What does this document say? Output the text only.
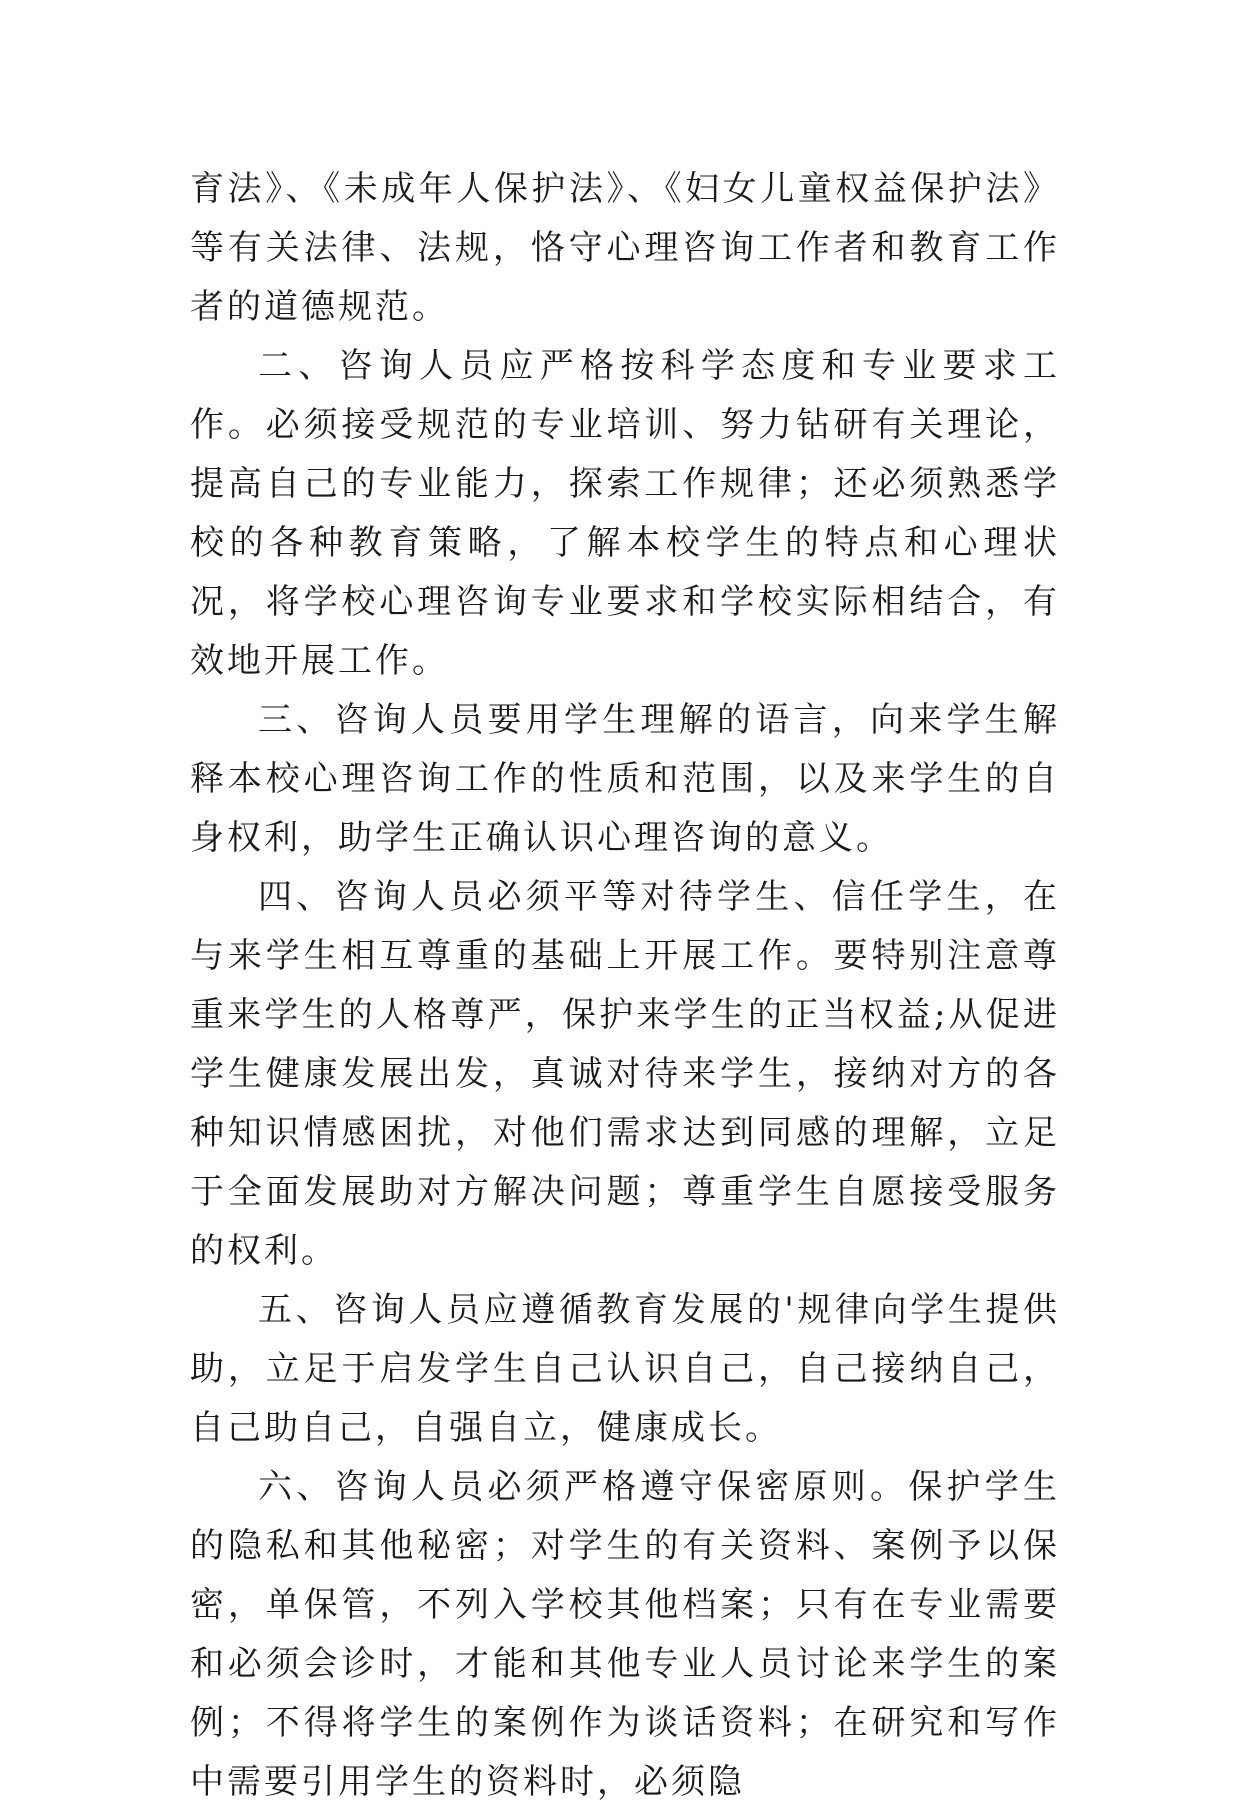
育法》、《未成年人保护法》、《妇女儿童权益保护法》等有关法律、法规，恪守心理咨询工作者和教育工作者的道德规范。

二、咨询人员应严格按科学态度和专业要求工作。必须接受规范的专业培训、努力钻研有关理论，提高自己的专业能力，探索工作规律；还必须熟悉学校的各种教育策略，了解本校学生的特点和心理状况，将学校心理咨询专业要求和学校实际相结合，有效地开展工作。

三、咨询人员要用学生理解的语言，向来学生解释本校心理咨询工作的性质和范围，以及来学生的自身权利，助学生正确认识心理咨询的意义。

四、咨询人员必须平等对待学生、信任学生，在与来学生相互尊重的基础上开展工作。要特别注意尊重来学生的人格尊严，保护来学生的正当权益;从促进学生健康发展出发，真诚对待来学生，接纳对方的各种知识情感困扰，对他们需求达到同感的理解，立足于全面发展助对方解决问题；尊重学生自愿接受服务的权利。

五、咨询人员应遵循教育发展的'规律向学生提供助，立足于启发学生自己认识自己，自己接纳自己，自己助自己，自强自立，健康成长。

六、咨询人员必须严格遵守保密原则。保护学生的隐私和其他秘密；对学生的有关资料、案例予以保密，单保管，不列入学校其他档案；只有在专业需要和必须会诊时，才能和其他专业人员讨论来学生的案例；不得将学生的案例作为谈话资料；在研究和写作中需要引用学生的资料时，必须隐
